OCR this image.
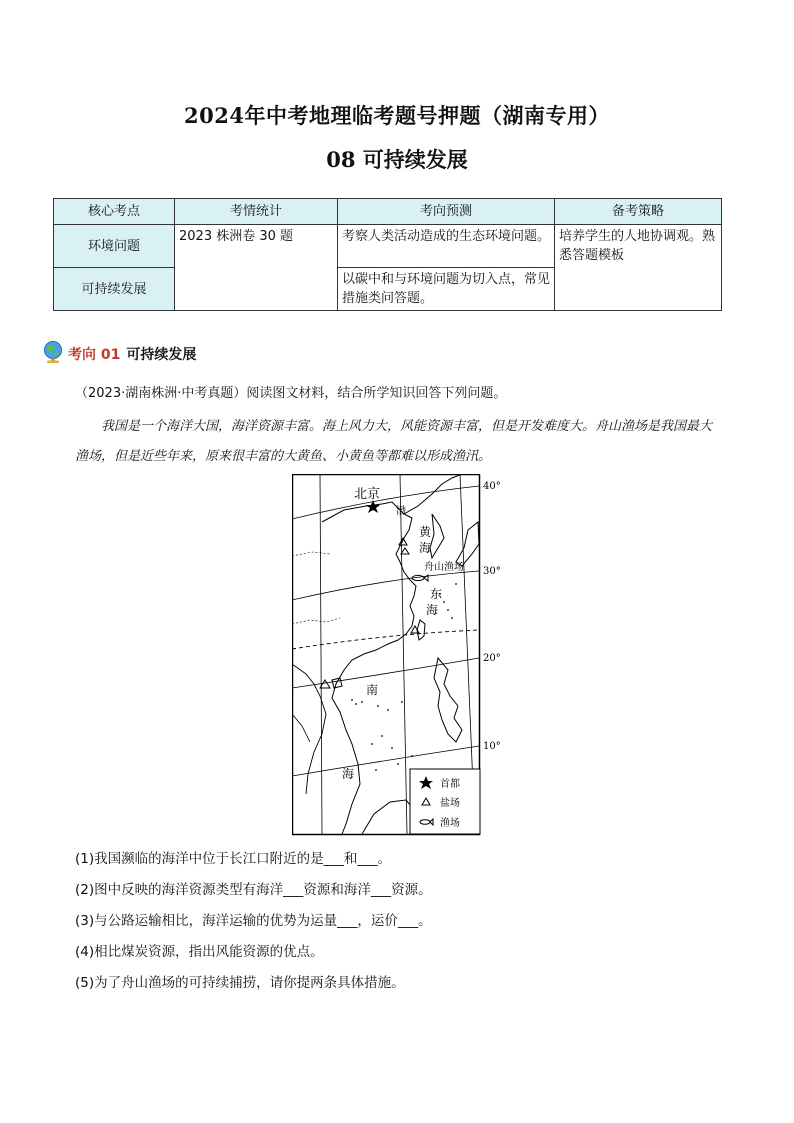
2024年中考地理临考题号押题（湖南专用）
08 可持续发展
核心考点	考情统计	考向预测	备考策略
环境问题	2023 株洲卷 30 题	考察人类活动造成的生态环境问题。	培养学生的人地协调观。熟悉答题模板
可持续发展		以碳中和与环境问题为切入点，常见措施类问答题。	
考向 01 可持续发展
（2023·湖南株洲·中考真题）阅读图文材料，结合所学知识回答下列问题。
我国是一个海洋大国，海洋资源丰富。海上风力大，风能资源丰富，但是开发难度大。舟山渔场是我国最大渔场，但是近些年来，原来很丰富的大黄鱼、小黄鱼等都难以形成渔汛。
北京
渤
黄
海
舟山渔场
东
海
南
海
40°
30°
20°
10°
首都
盐场
渔场
(1)我国濒临的海洋中位于长江口附近的是___和___。
(2)图中反映的海洋资源类型有海洋___资源和海洋___资源。
(3)与公路运输相比，海洋运输的优势为运量___，运价___。
(4)相比煤炭资源，指出风能资源的优点。
(5)为了舟山渔场的可持续捕捞，请你提两条具体措施。
